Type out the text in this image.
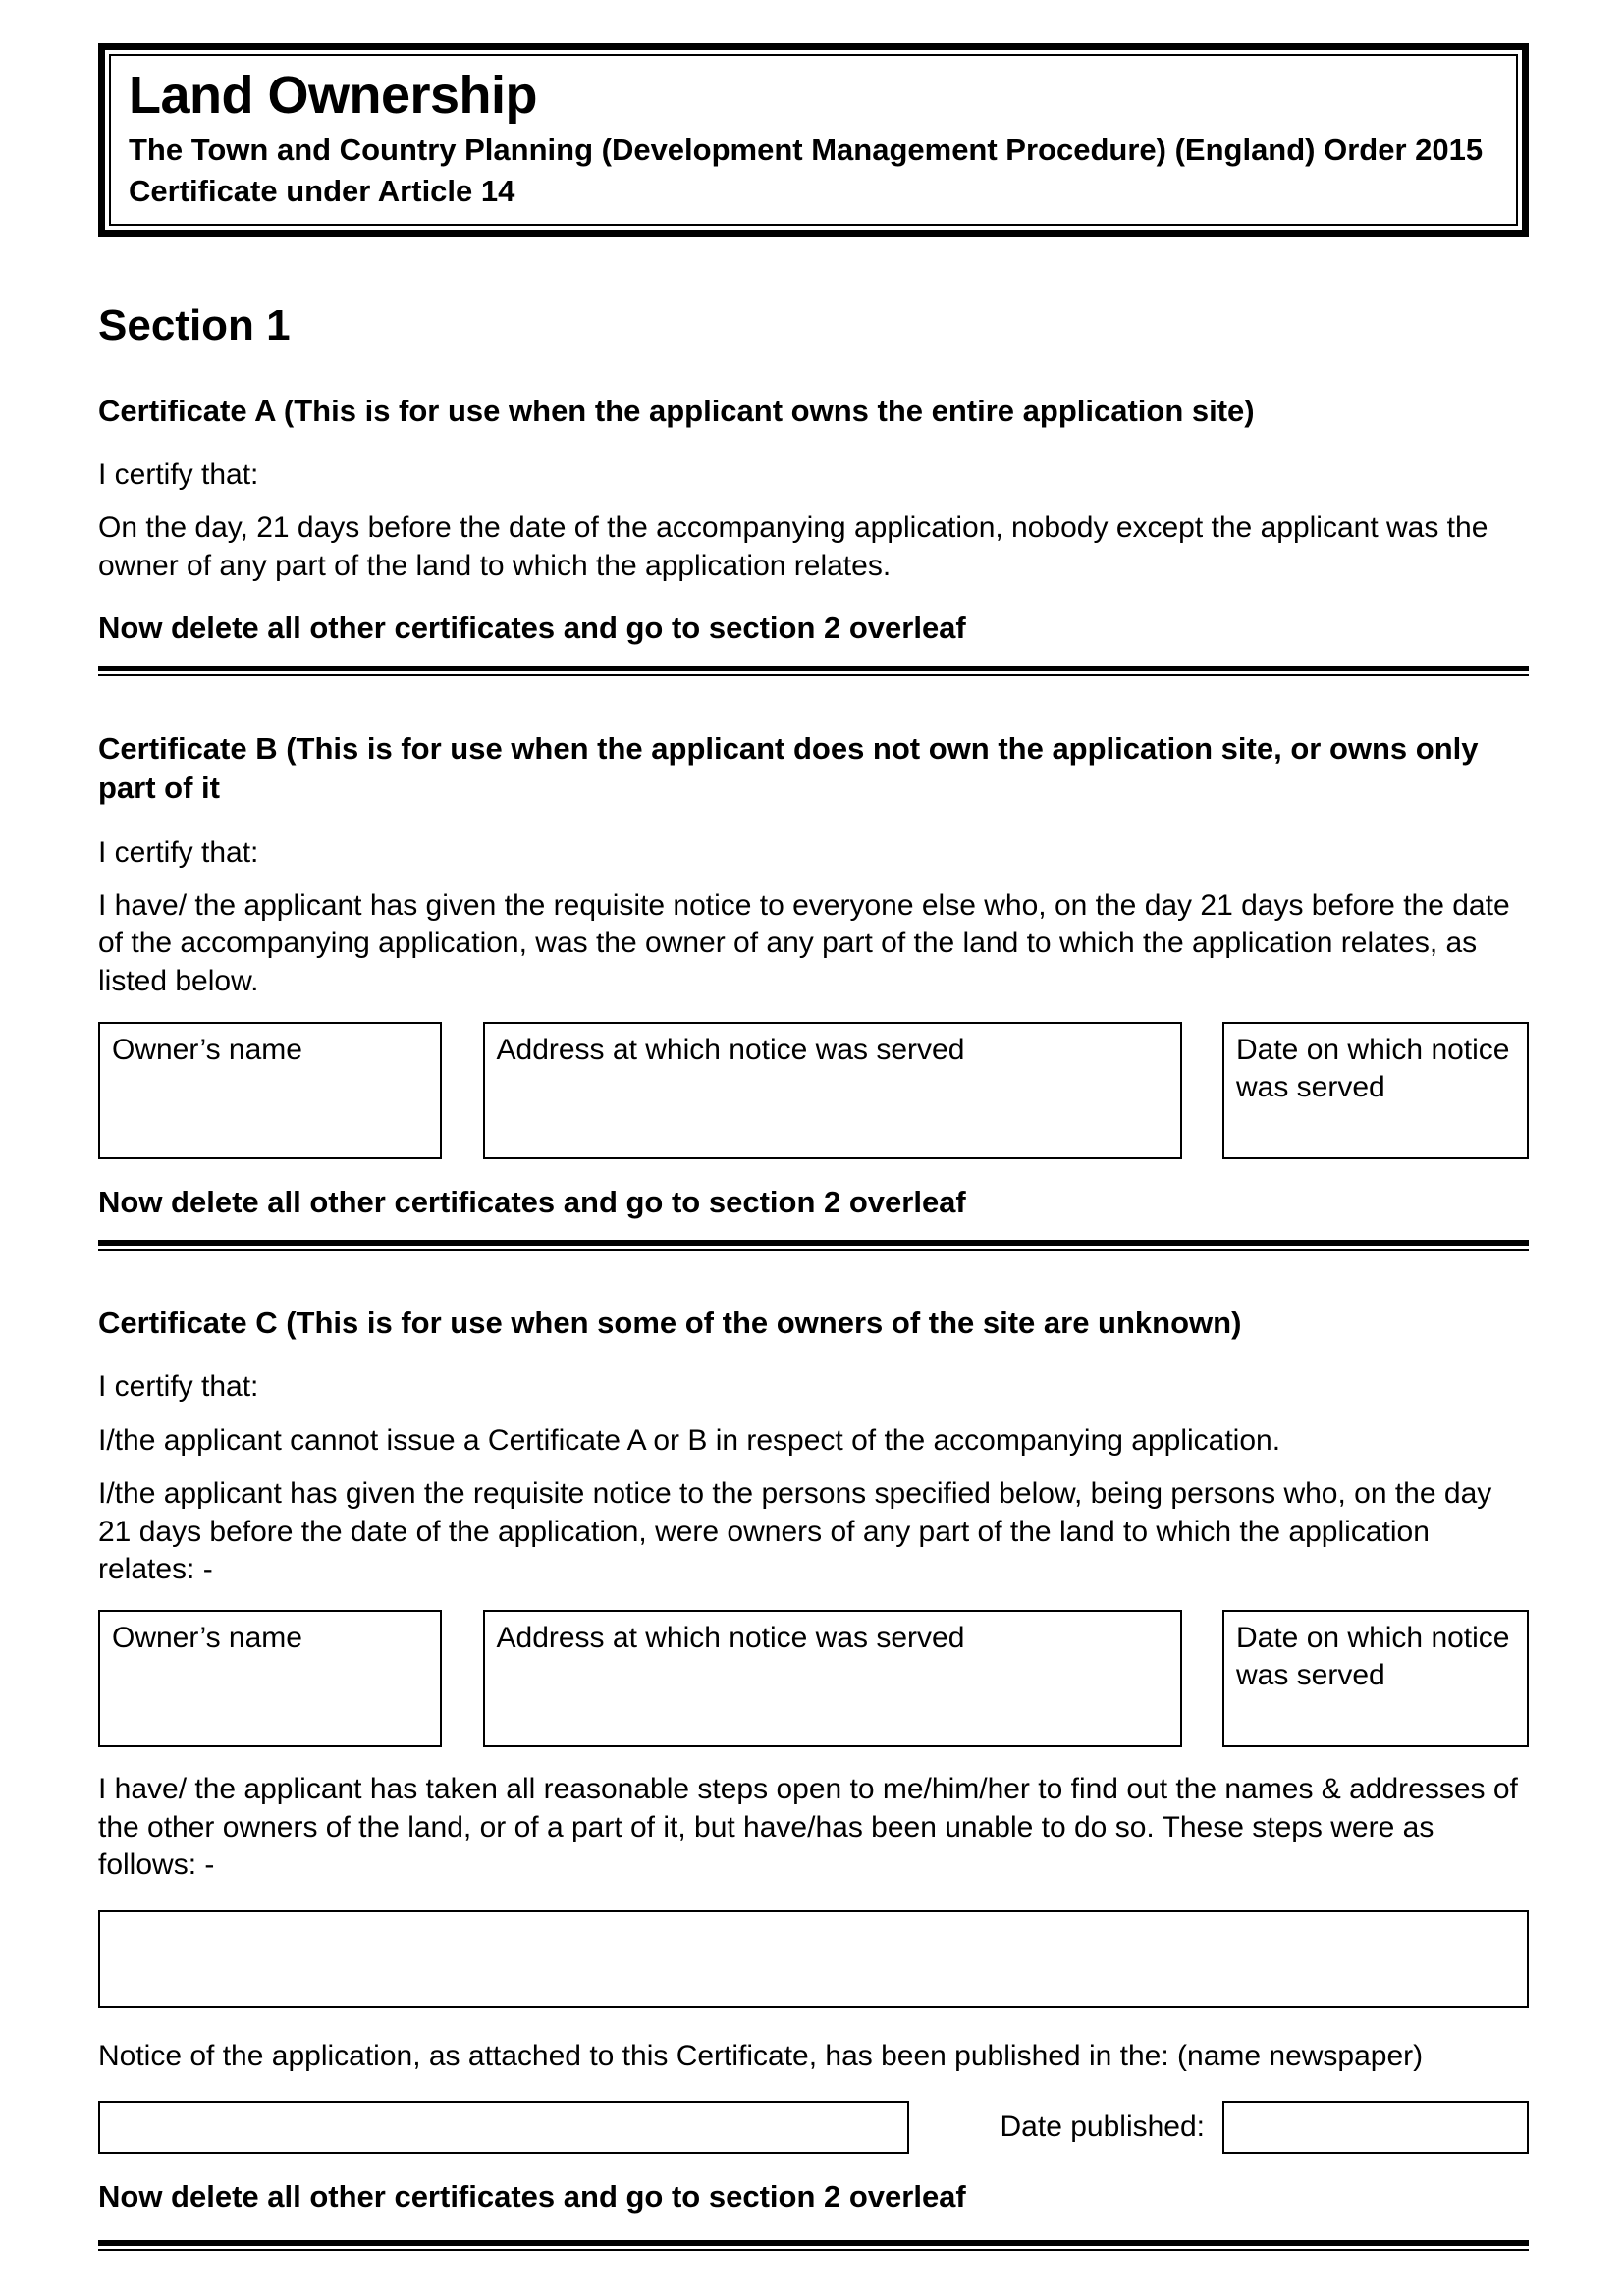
Land Ownership
The Town and Country Planning (Development Management Procedure) (England) Order 2015
Certificate under Article 14
Section 1
Certificate A (This is for use when the applicant owns the entire application site)

I certify that:

On the day, 21 days before the date of the accompanying application, nobody except the applicant was the owner of any part of the land to which the application relates.

Now delete all other certificates and go to section 2 overleaf
Certificate B (This is for use when the applicant does not own the application site, or owns only part of it

I certify that:

I have/ the applicant has given the requisite notice to everyone else who, on the day 21 days before the date of the accompanying application, was the owner of any part of the land to which the application relates, as listed below.

Owner’s name	Address at which notice was served	Date on which notice was served
Now delete all other certificates and go to section 2 overleaf
Certificate C (This is for use when some of the owners of the site are unknown)

I certify that:

I/the applicant cannot issue a Certificate A or B in respect of the accompanying application.

I/the applicant has given the requisite notice to the persons specified below, being persons who, on the day 21 days before the date of the application, were owners of any part of the land to which the application relates: -

Owner’s name	Address at which notice was served	Date on which notice was served

I have/ the applicant has taken all reasonable steps open to me/him/her to find out the names & addresses of the other owners of the land, or of a part of it, but have/has been unable to do so. These steps were as follows: -

Notice of the application, as attached to this Certificate, has been published in the: (name newspaper)

Date published:
Now delete all other certificates and go to section 2 overleaf
